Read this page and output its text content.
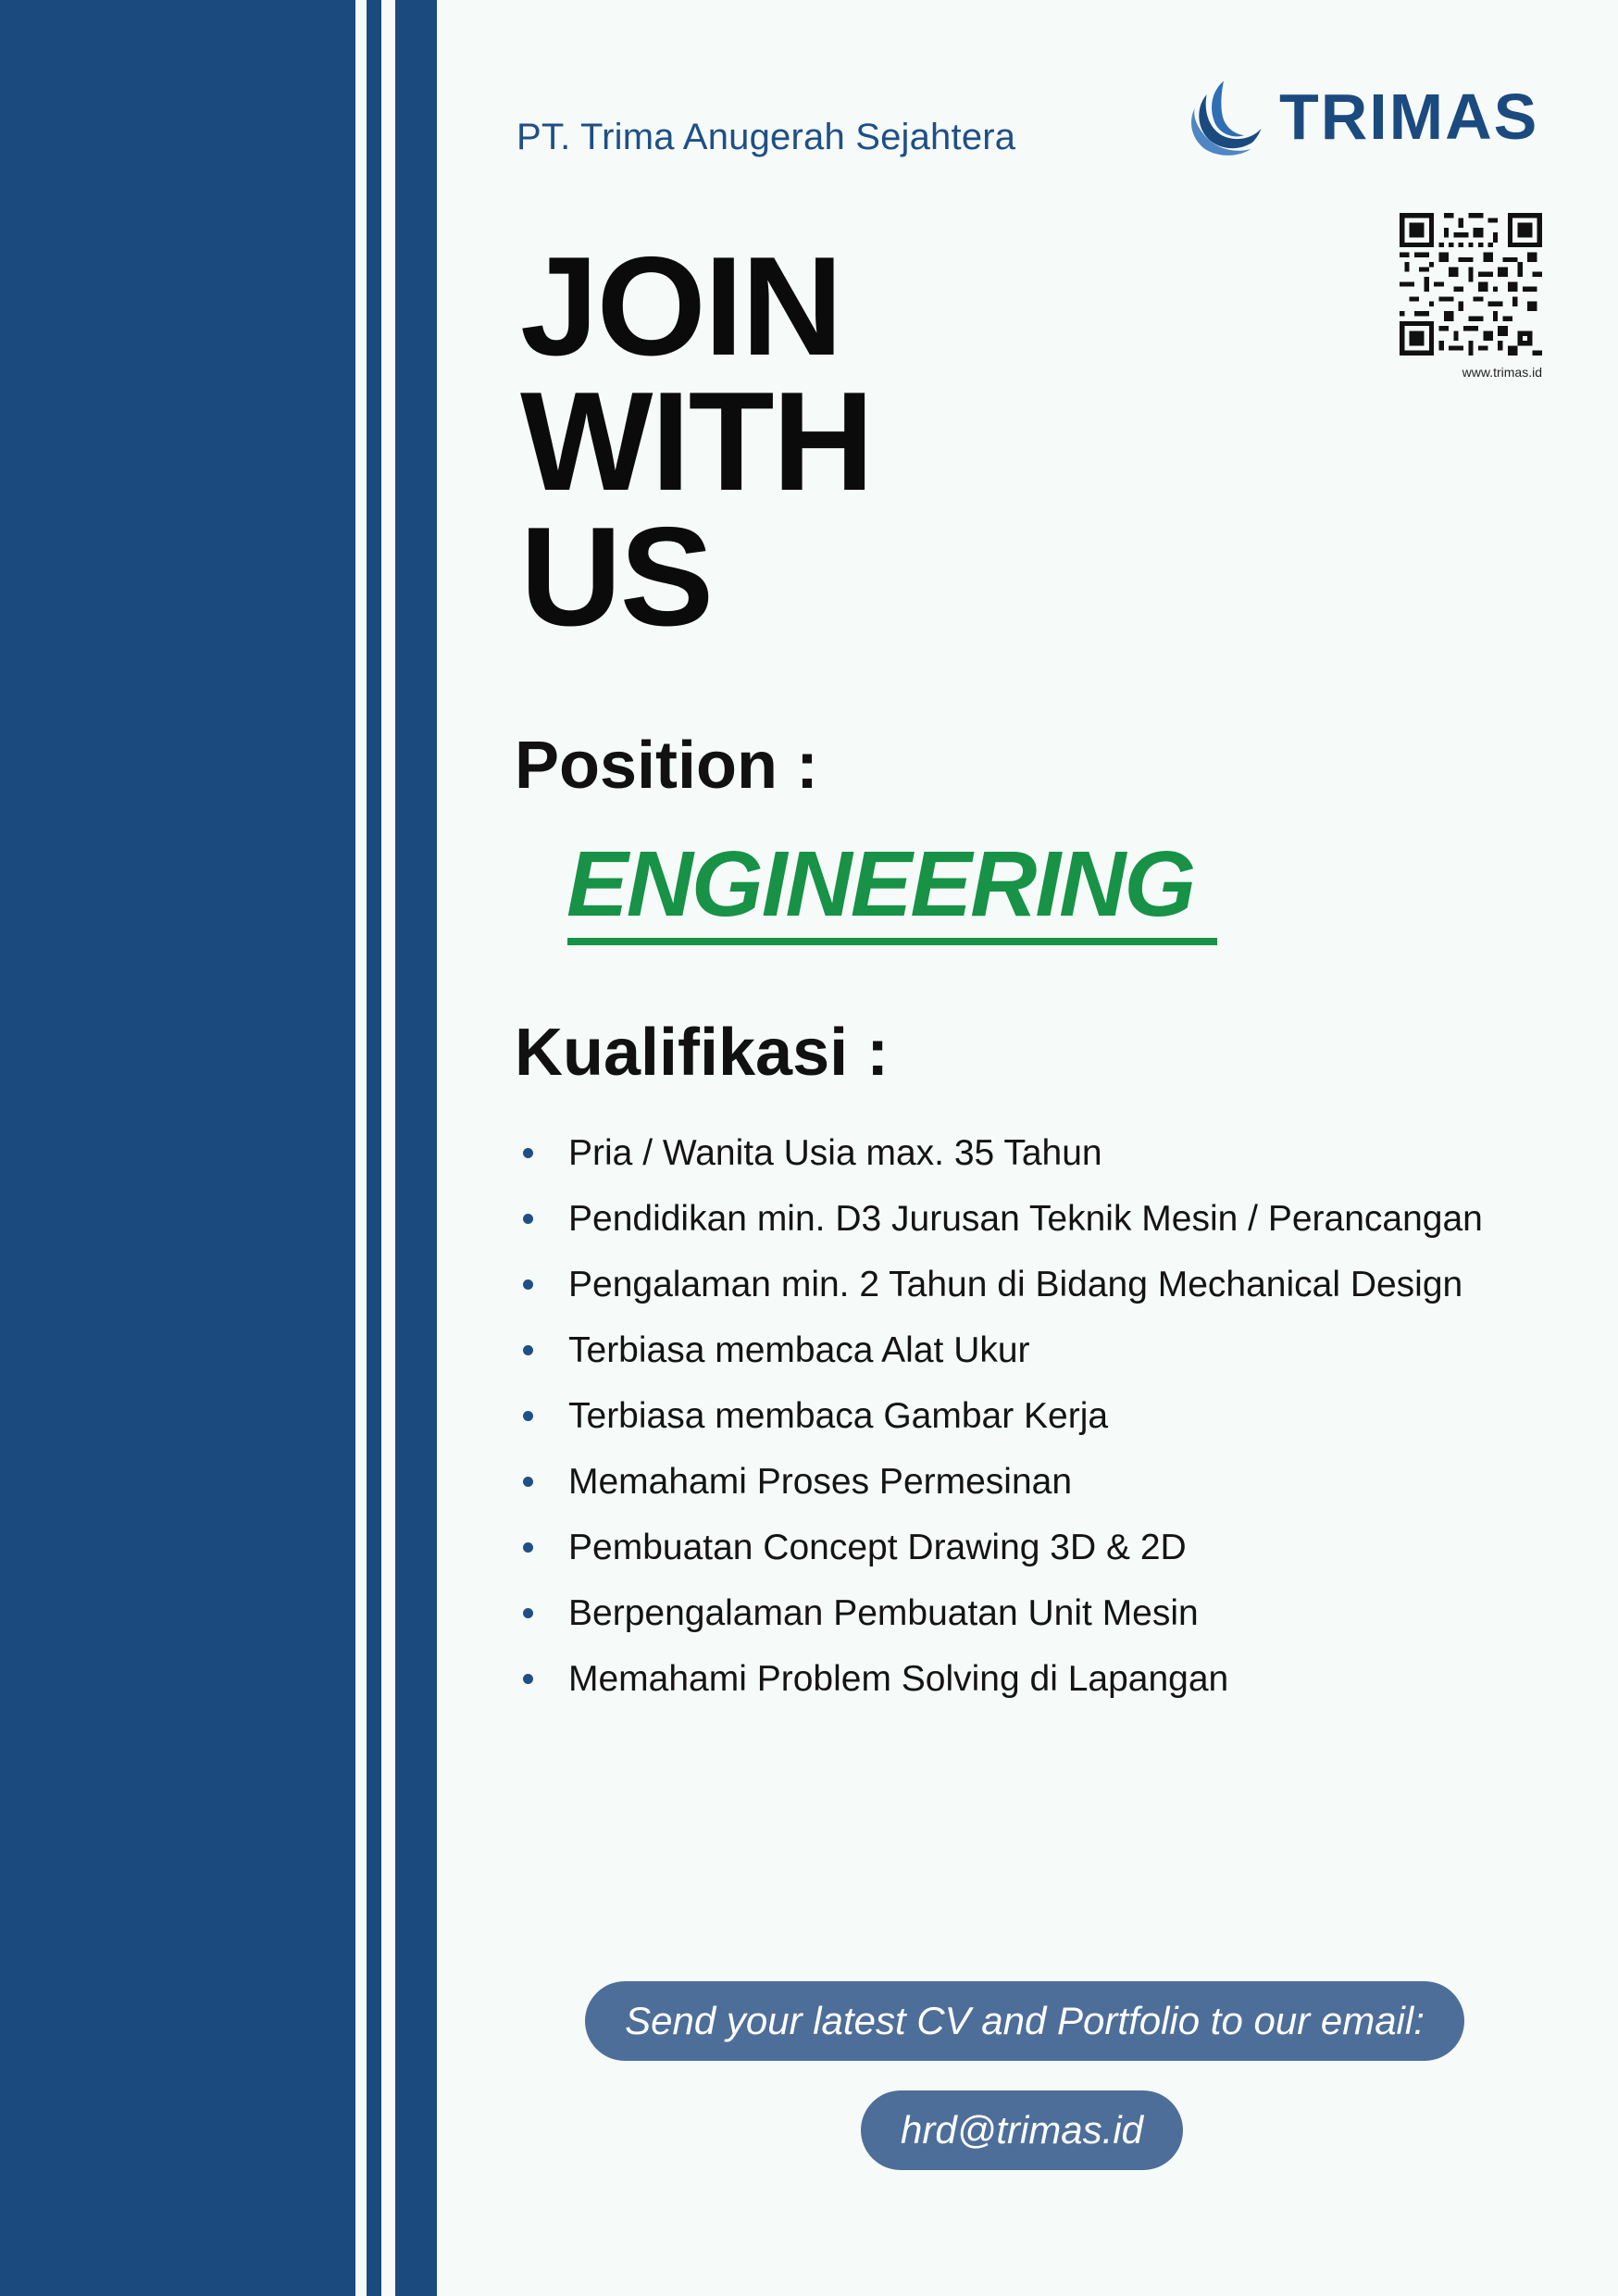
PT. Trima Anugerah Sejahtera	TRIMAS
www.trimas.id
JOIN
WITH
US
Position :
ENGINEERING
Kualifikasi :
Pria / Wanita Usia max. 35 Tahun
Pendidikan min. D3 Jurusan Teknik Mesin / Perancangan
Pengalaman min. 2 Tahun di Bidang Mechanical Design
Terbiasa membaca Alat Ukur
Terbiasa membaca Gambar Kerja
Memahami Proses Permesinan
Pembuatan Concept Drawing 3D & 2D
Berpengalaman Pembuatan Unit Mesin
Memahami Problem Solving di Lapangan
Send your latest CV and Portfolio to our email:
hrd@trimas.id
